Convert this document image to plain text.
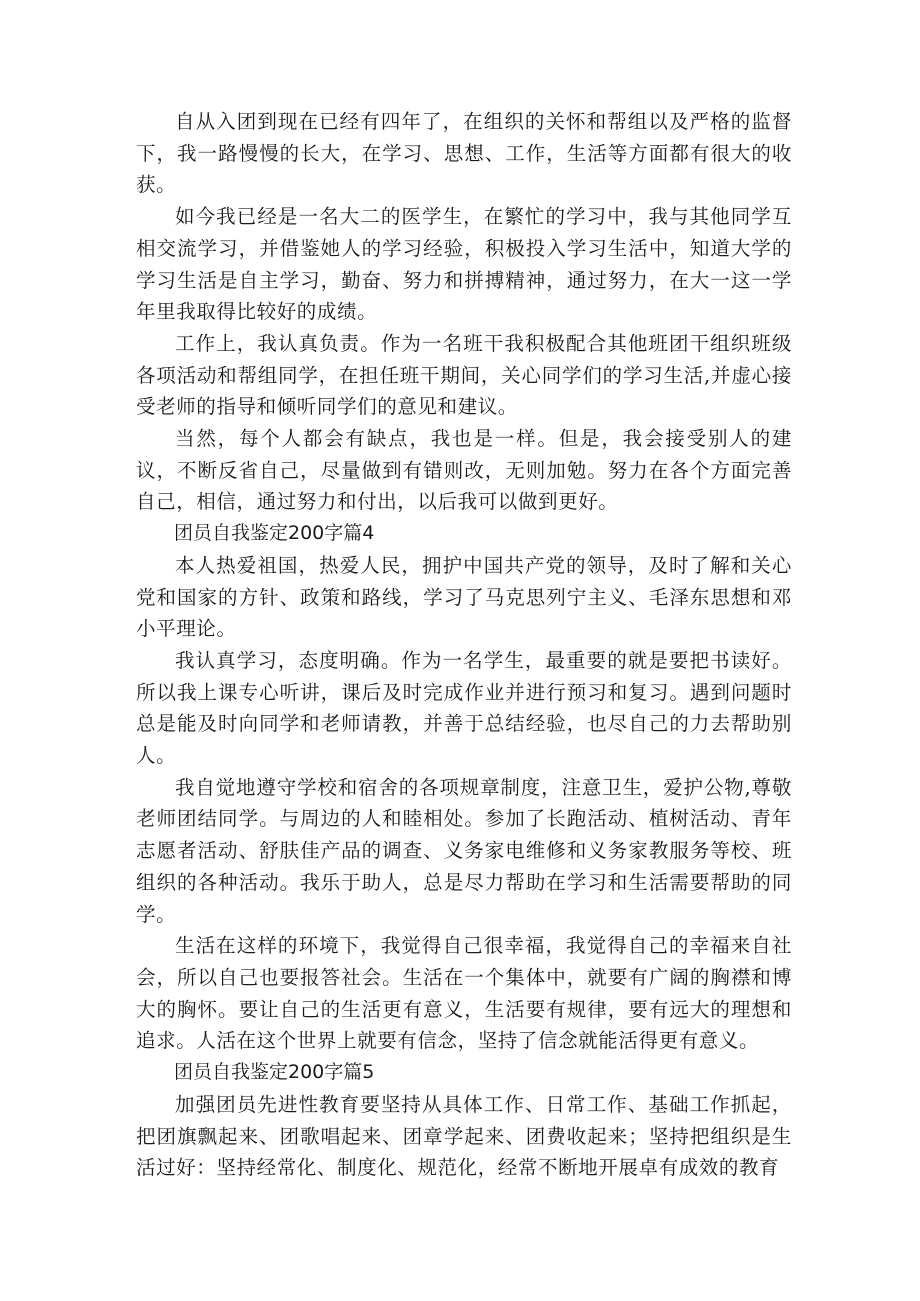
自从入团到现在已经有四年了，在组织的关怀和帮组以及严格的监督下，我一路慢慢的长大，在学习、思想、工作，生活等方面都有很大的收获。

如今我已经是一名大二的医学生，在繁忙的学习中，我与其他同学互相交流学习，并借鉴她人的学习经验，积极投入学习生活中，知道大学的学习生活是自主学习，勤奋、努力和拼搏精神，通过努力，在大一这一学年里我取得比较好的成绩。

工作上，我认真负责。作为一名班干我积极配合其他班团干组织班级各项活动和帮组同学，在担任班干期间，关心同学们的学习生活,并虚心接受老师的指导和倾听同学们的意见和建议。

当然，每个人都会有缺点，我也是一样。但是，我会接受别人的建议，不断反省自己，尽量做到有错则改，无则加勉。努力在各个方面完善自己，相信，通过努力和付出，以后我可以做到更好。

团员自我鉴定200字篇4

本人热爱祖国，热爱人民，拥护中国共产党的领导，及时了解和关心党和国家的方针、政策和路线，学习了马克思列宁主义、毛泽东思想和邓小平理论。

我认真学习，态度明确。作为一名学生，最重要的就是要把书读好。所以我上课专心听讲，课后及时完成作业并进行预习和复习。遇到问题时总是能及时向同学和老师请教，并善于总结经验，也尽自己的力去帮助别人。

我自觉地遵守学校和宿舍的各项规章制度，注意卫生，爱护公物,尊敬老师团结同学。与周边的人和睦相处。参加了长跑活动、植树活动、青年志愿者活动、舒肤佳产品的调查、义务家电维修和义务家教服务等校、班组织的各种活动。我乐于助人，总是尽力帮助在学习和生活需要帮助的同学。

生活在这样的环境下，我觉得自己很幸福，我觉得自己的幸福来自社会，所以自己也要报答社会。生活在一个集体中，就要有广阔的胸襟和博大的胸怀。要让自己的生活更有意义，生活要有规律，要有远大的理想和追求。人活在这个世界上就要有信念，坚持了信念就能活得更有意义。

团员自我鉴定200字篇5

加强团员先进性教育要坚持从具体工作、日常工作、基础工作抓起，把团旗飘起来、团歌唱起来、团章学起来、团费收起来；坚持把组织是生活过好：坚持经常化、制度化、规范化，经常不断地开展卓有成效的教育
